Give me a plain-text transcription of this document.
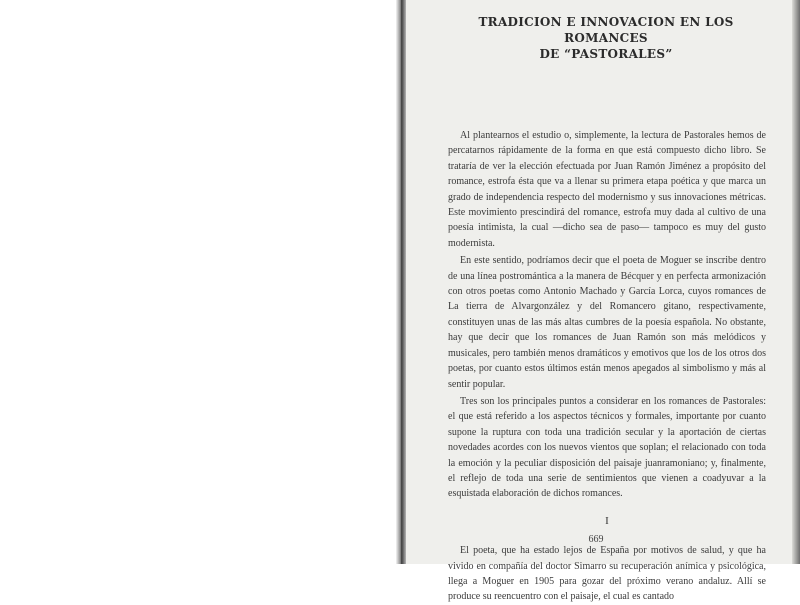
TRADICION E INNOVACION EN LOS ROMANCES
DE “PASTORALES”

Al plantearnos el estudio o, simplemente, la lectura de Pastorales hemos de percatarnos rápidamente de la forma en que está compuesto dicho libro. Se trataría de ver la elección efectuada por Juan Ramón Jiménez a propósito del romance, estrofa ésta que va a llenar su primera etapa poética y que marca un grado de independencia respecto del modernismo y sus innovaciones métricas. Este movimiento prescindirá del romance, estrofa muy dada al cultivo de una poesía intimista, la cual —dicho sea de paso— tampoco es muy del gusto modernista.

En este sentido, podríamos decir que el poeta de Moguer se inscribe dentro de una línea postromántica a la manera de Bécquer y en perfecta armonización con otros poetas como Antonio Machado y García Lorca, cuyos romances de La tierra de Alvargonzález y del Romancero gitano, respectivamente, constituyen unas de las más altas cumbres de la poesía española. No obstante, hay que decir que los romances de Juan Ramón son más melódicos y musicales, pero también menos dramáticos y emotivos que los de los otros dos poetas, por cuanto estos últimos están menos apegados al simbolismo y más al sentir popular.

Tres son los principales puntos a considerar en los romances de Pastorales: el que está referido a los aspectos técnicos y formales, importante por cuanto supone la ruptura con toda una tradición secular y la aportación de ciertas novedades acordes con los nuevos vientos que soplan; el relacionado con toda la emoción y la peculiar disposición del paisaje juanramoniano; y, finalmente, el reflejo de toda una serie de sentimientos que vienen a coadyuvar a la esquistada elaboración de dichos romances.

I

El poeta, que ha estado lejos de España por motivos de salud, y que ha vivido en compañía del doctor Simarro su recuperación anímica y psicológica, llega a Moguer en 1905 para gozar del próximo verano andaluz. Allí se produce su reencuentro con el paisaje, el cual es cantado

669
